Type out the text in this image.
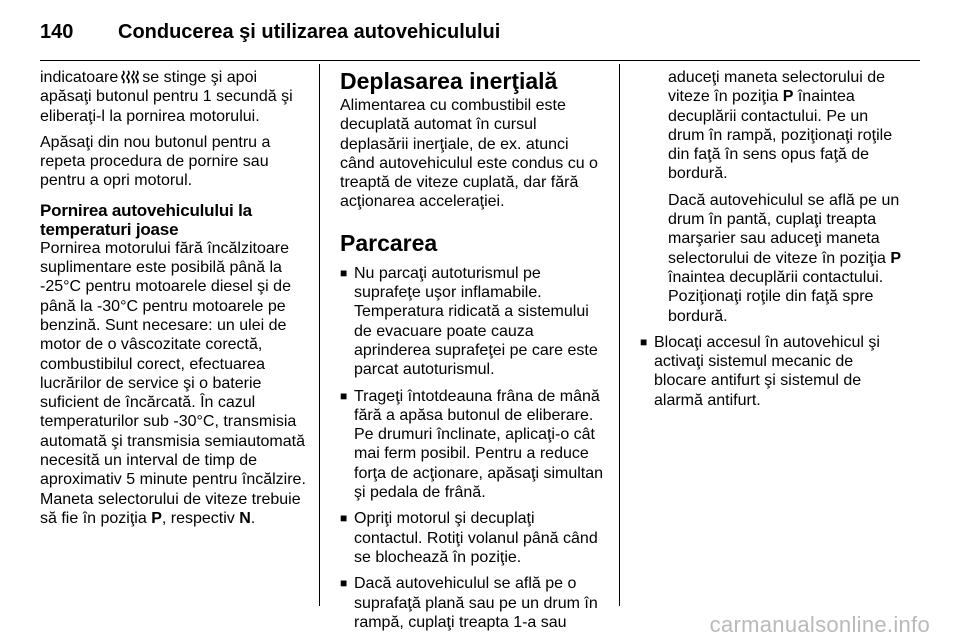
140	Conducerea şi utilizarea autovehiculului

indicatoare se stinge şi apoi apăsaţi butonul pentru 1 secundă şi eliberaţi-l la pornirea motorului.

Apăsaţi din nou butonul pentru a repeta procedura de pornire sau pentru a opri motorul.

Pornirea autovehiculului la temperaturi joase

Pornirea motorului fără încălzitoare suplimentare este posibilă până la -25°C pentru motoarele diesel şi de până la -30°C pentru motoarele pe benzină. Sunt necesare: un ulei de motor de o vâscozitate corectă, combustibilul corect, efectuarea lucrărilor de service şi o baterie suficient de încărcată. În cazul temperaturilor sub -30°C, transmisia automată şi transmisia semiautomată necesită un interval de timp de aproximativ 5 minute pentru încălzire. Maneta selectorului de viteze trebuie să fie în poziţia P, respectiv N.

Deplasarea inerţială

Alimentarea cu combustibil este decuplată automat în cursul deplasării inerţiale, de ex. atunci când autovehiculul este condus cu o treaptă de viteze cuplată, dar fără acţionarea acceleraţiei.

Parcarea
■ Nu parcaţi autoturismul pe suprafeţe uşor inflamabile. Temperatura ridicată a sistemului de evacuare poate cauza aprinderea suprafeţei pe care este parcat autoturismul.
■ Trageţi întotdeauna frâna de mână fără a apăsa butonul de eliberare. Pe drumuri înclinate, aplicaţi-o cât mai ferm posibil. Pentru a reduce forţa de acţionare, apăsaţi simultan şi pedala de frână.
■ Opriţi motorul şi decuplaţi contactul. Rotiţi volanul până când se blochează în poziţie.
■ Dacă autovehiculul se află pe o suprafaţă plană sau pe un drum în rampă, cuplaţi treapta 1-a sau

aduceţi maneta selectorului de viteze în poziţia P înaintea decuplării contactului. Pe un drum în rampă, poziţionaţi roţile din faţă în sens opus faţă de bordură.

Dacă autovehiculul se află pe un drum în pantă, cuplaţi treapta marşarier sau aduceţi maneta selectorului de viteze în poziţia P înaintea decuplării contactului. Poziţionaţi roţile din faţă spre bordură.

■ Blocaţi accesul în autovehicul şi activaţi sistemul mecanic de blocare antifurt şi sistemul de alarmă antifurt.
carmanualsonline.info
